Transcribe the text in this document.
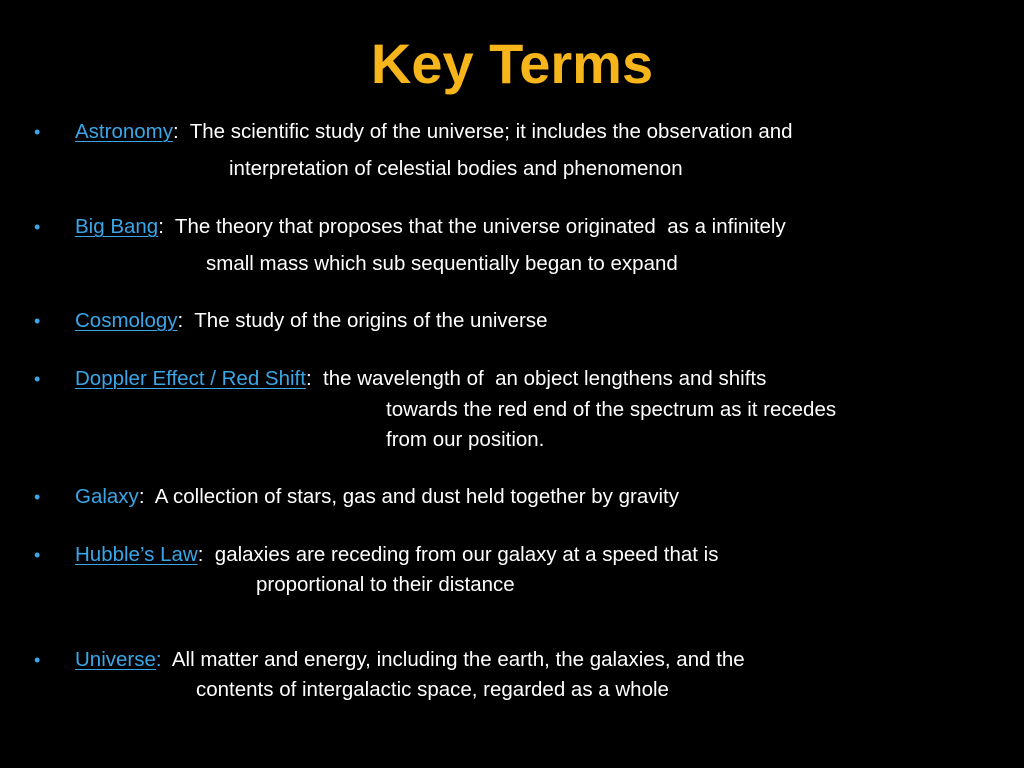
Key Terms
• Astronomy:  The scientific study of the universe; it includes the observation and
interpretation of celestial bodies and phenomenon
• Big Bang:  The theory that proposes that the universe originated  as a infinitely
small mass which sub sequentially began to expand
• Cosmology:  The study of the origins of the universe
• Doppler Effect / Red Shift:  the wavelength of  an object lengthens and shifts
towards the red end of the spectrum as it recedes
from our position.
• Galaxy:  A collection of stars, gas and dust held together by gravity
• Hubble’s Law:  galaxies are receding from our galaxy at a speed that is
proportional to their distance
• Universe:  All matter and energy, including the earth, the galaxies, and the
contents of intergalactic space, regarded as a whole
